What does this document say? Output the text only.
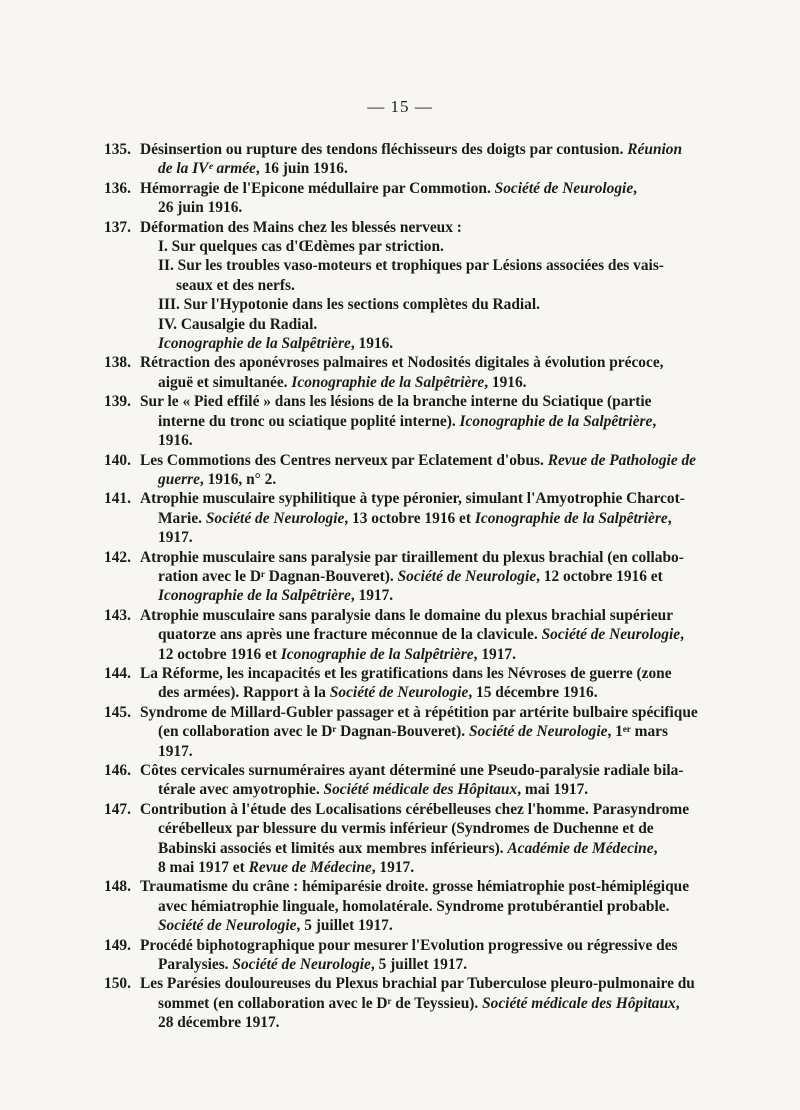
— 15 —
135. Désinsertion ou rupture des tendons fléchisseurs des doigts par contusion. Réunion
de la IVᵉ armée, 16 juin 1916.
136. Hémorragie de l'Epicone médullaire par Commotion. Société de Neurologie,
26 juin 1916.
137. Déformation des Mains chez les blessés nerveux :
I. Sur quelques cas d'Œdèmes par striction.
II. Sur les troubles vaso-moteurs et trophiques par Lésions associées des vais-
seaux et des nerfs.
III. Sur l'Hypotonie dans les sections complètes du Radial.
IV. Causalgie du Radial.
Iconographie de la Salpêtrière, 1916.
138. Rétraction des aponévroses palmaires et Nodosités digitales à évolution précoce,
aiguë et simultanée. Iconographie de la Salpêtrière, 1916.
139. Sur le « Pied effilé » dans les lésions de la branche interne du Sciatique (partie
interne du tronc ou sciatique poplité interne). Iconographie de la Salpêtrière,
1916.
140. Les Commotions des Centres nerveux par Eclatement d'obus. Revue de Pathologie de
guerre, 1916, n° 2.
141. Atrophie musculaire syphilitique à type péronier, simulant l'Amyotrophie Charcot-
Marie. Société de Neurologie, 13 octobre 1916 et Iconographie de la Salpêtrière,
1917.
142. Atrophie musculaire sans paralysie par tiraillement du plexus brachial (en collabo-
ration avec le Dʳ Dagnan-Bouveret). Société de Neurologie, 12 octobre 1916 et
Iconographie de la Salpêtrière, 1917.
143. Atrophie musculaire sans paralysie dans le domaine du plexus brachial supérieur
quatorze ans après une fracture méconnue de la clavicule. Société de Neurologie,
12 octobre 1916 et Iconographie de la Salpêtrière, 1917.
144. La Réforme, les incapacités et les gratifications dans les Névroses de guerre (zone
des armées). Rapport à la Société de Neurologie, 15 décembre 1916.
145. Syndrome de Millard-Gubler passager et à répétition par artérite bulbaire spécifique
(en collaboration avec le Dʳ Dagnan-Bouveret). Société de Neurologie, 1ᵉʳ mars
1917.
146. Côtes cervicales surnuméraires ayant déterminé une Pseudo-paralysie radiale bila-
térale avec amyotrophie. Société médicale des Hôpitaux, mai 1917.
147. Contribution à l'étude des Localisations cérébelleuses chez l'homme. Parasyndrome
cérébelleux par blessure du vermis inférieur (Syndromes de Duchenne et de
Babinski associés et limités aux membres inférieurs). Académie de Médecine,
8 mai 1917 et Revue de Médecine, 1917.
148. Traumatisme du crâne : hémiparésie droite. grosse hémiatrophie post-hémiplégique
avec hémiatrophie linguale, homolatérale. Syndrome protubérantiel probable.
Société de Neurologie, 5 juillet 1917.
149. Procédé biphotographique pour mesurer l'Evolution progressive ou régressive des
Paralysies. Société de Neurologie, 5 juillet 1917.
150. Les Parésies douloureuses du Plexus brachial par Tuberculose pleuro-pulmonaire du
sommet (en collaboration avec le Dʳ de Teyssieu). Société médicale des Hôpitaux,
28 décembre 1917.
